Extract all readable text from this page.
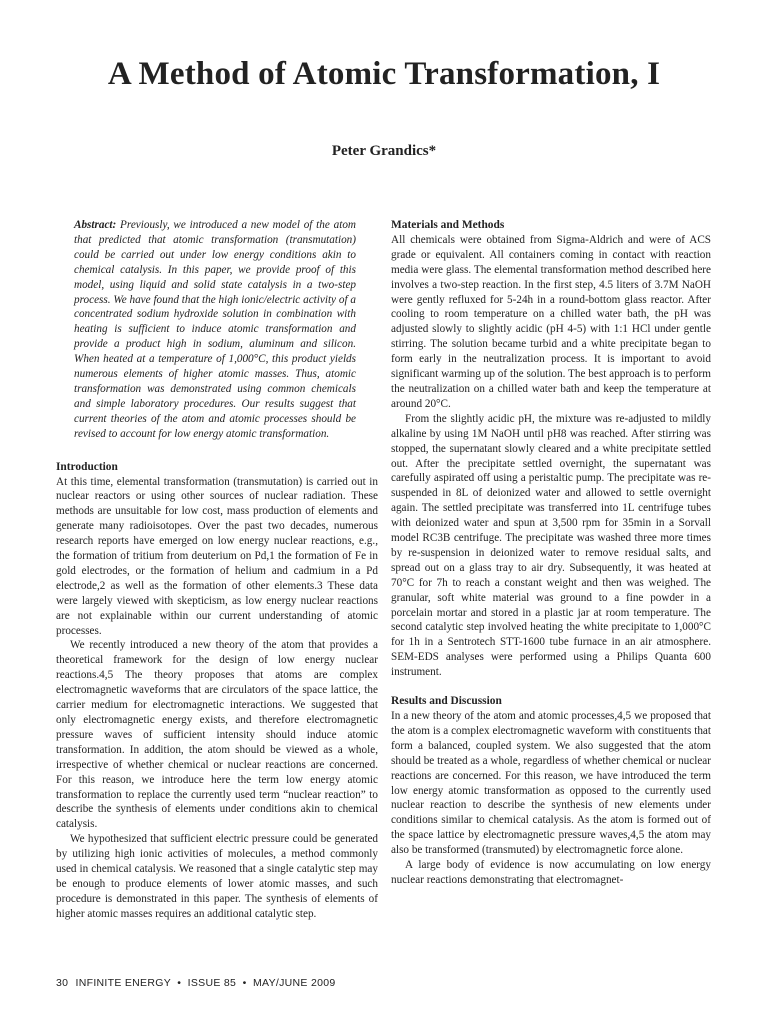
A Method of Atomic Transformation, I
Peter Grandics*

Abstract: Previously, we introduced a new model of the atom that predicted that atomic transformation (transmutation) could be carried out under low energy conditions akin to chemical catalysis. In this paper, we provide proof of this model, using liquid and solid state catalysis in a two-step process. We have found that the high ionic/electric activity of a concentrated sodium hydroxide solution in combination with heating is sufficient to induce atomic transformation and provide a product high in sodium, aluminum and silicon. When heated at a temperature of 1,000°C, this product yields numerous elements of higher atomic masses. Thus, atomic transformation was demonstrated using common chemicals and simple laboratory procedures. Our results suggest that current theories of the atom and atomic processes should be revised to account for low energy atomic transformation.

Introduction

At this time, elemental transformation (transmutation) is carried out in nuclear reactors or using other sources of nuclear radiation. These methods are unsuitable for low cost, mass production of elements and generate many radioisotopes. Over the past two decades, numerous research reports have emerged on low energy nuclear reactions, e.g., the formation of tritium from deuterium on Pd,1 the formation of Fe in gold electrodes, or the formation of helium and cadmium in a Pd electrode,2 as well as the formation of other elements.3 These data were largely viewed with skepticism, as low energy nuclear reactions are not explainable within our current understanding of atomic processes.

We recently introduced a new theory of the atom that provides a theoretical framework for the design of low energy nuclear reactions.4,5 The theory proposes that atoms are complex electromagnetic waveforms that are circulators of the space lattice, the carrier medium for electromagnetic interactions. We suggested that only electromagnetic energy exists, and therefore electromagnetic pressure waves of sufficient intensity should induce atomic transformation. In addition, the atom should be viewed as a whole, irrespective of whether chemical or nuclear reactions are concerned. For this reason, we introduce here the term low energy atomic transformation to replace the currently used term “nuclear reaction” to describe the synthesis of elements under conditions akin to chemical catalysis.

We hypothesized that sufficient electric pressure could be generated by utilizing high ionic activities of molecules, a method commonly used in chemical catalysis. We reasoned that a single catalytic step may be enough to produce elements of lower atomic masses, and such procedure is demonstrated in this paper. The synthesis of elements of higher atomic masses requires an additional catalytic step.

Materials and Methods

All chemicals were obtained from Sigma-Aldrich and were of ACS grade or equivalent. All containers coming in contact with reaction media were glass. The elemental transformation method described here involves a two-step reaction. In the first step, 4.5 liters of 3.7M NaOH were gently refluxed for 5-24h in a round-bottom glass reactor. After cooling to room temperature on a chilled water bath, the pH was adjusted slowly to slightly acidic (pH 4-5) with 1:1 HCl under gentle stirring. The solution became turbid and a white precipitate began to form early in the neutralization process. It is important to avoid significant warming up of the solution. The best approach is to perform the neutralization on a chilled water bath and keep the temperature at around 20°C.

From the slightly acidic pH, the mixture was re-adjusted to mildly alkaline by using 1M NaOH until pH8 was reached. After stirring was stopped, the supernatant slowly cleared and a white precipitate settled out. After the precipitate settled overnight, the supernatant was carefully aspirated off using a peristaltic pump. The precipitate was re-suspended in 8L of deionized water and allowed to settle overnight again. The settled precipitate was transferred into 1L centrifuge tubes with deionized water and spun at 3,500 rpm for 35min in a Sorvall model RC3B centrifuge. The precipitate was washed three more times by re-suspension in deionized water to remove residual salts, and spread out on a glass tray to air dry. Subsequently, it was heated at 70°C for 7h to reach a constant weight and then was weighed. The granular, soft white material was ground to a fine powder in a porcelain mortar and stored in a plastic jar at room temperature. The second catalytic step involved heating the white precipitate to 1,000°C for 1h in a Sentrotech STT-1600 tube furnace in an air atmosphere. SEM-EDS analyses were performed using a Philips Quanta 600 instrument.

Results and Discussion

In a new theory of the atom and atomic processes,4,5 we proposed that the atom is a complex electromagnetic waveform with constituents that form a balanced, coupled system. We also suggested that the atom should be treated as a whole, regardless of whether chemical or nuclear reactions are concerned. For this reason, we have introduced the term low energy atomic transformation as opposed to the currently used nuclear reaction to describe the synthesis of new elements under conditions similar to chemical catalysis. As the atom is formed out of the space lattice by electromagnetic pressure waves,4,5 the atom may also be transformed (transmuted) by electromagnetic force alone.

A large body of evidence is now accumulating on low energy nuclear reactions demonstrating that electromagnet-

30 INFINITE ENERGY  •  ISSUE 85  •  MAY/JUNE 2009
